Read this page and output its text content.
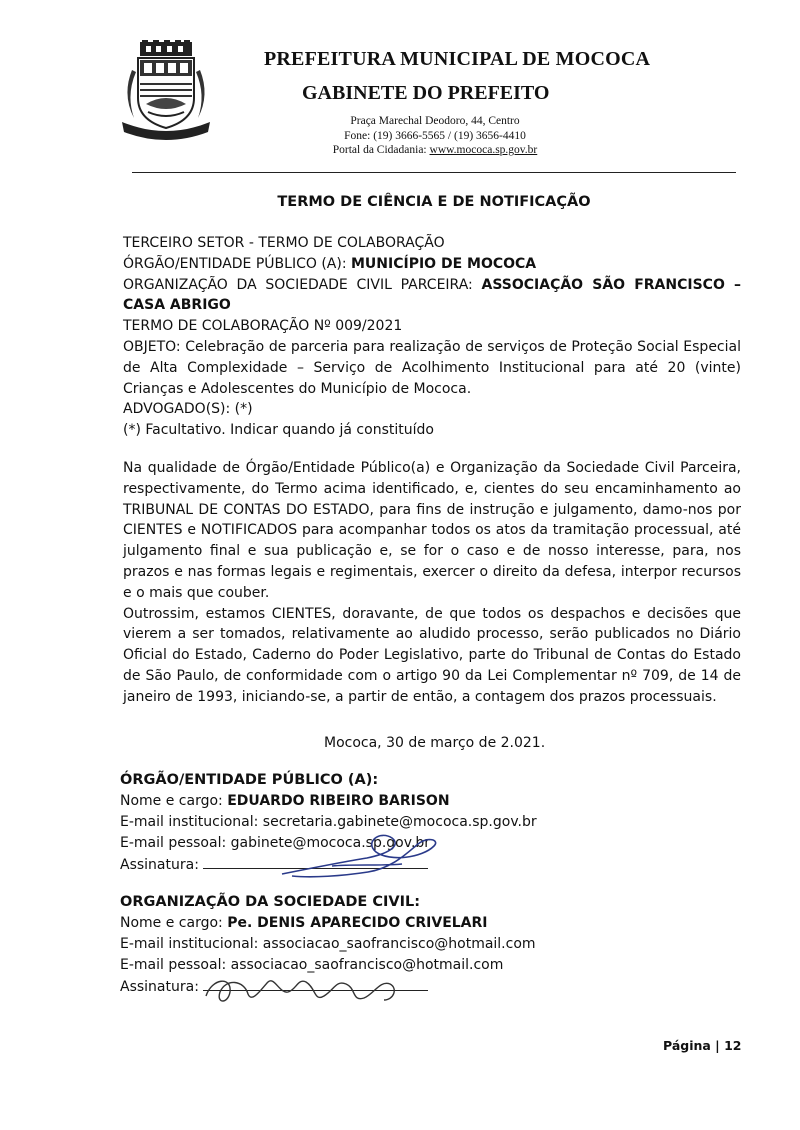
PREFEITURA MUNICIPAL DE MOCOCA
GABINETE DO PREFEITO
Praça Marechal Deodoro, 44, Centro
Fone: (19) 3666-5565 / (19) 3656-4410
Portal da Cidadania: www.mococa.sp.gov.br
TERMO DE CIÊNCIA E DE NOTIFICAÇÃO

TERCEIRO SETOR - TERMO DE COLABORAÇÃO

ÓRGÃO/ENTIDADE PÚBLICO (A): MUNICÍPIO DE MOCOCA

ORGANIZAÇÃO DA SOCIEDADE CIVIL PARCEIRA: ASSOCIAÇÃO SÃO FRANCISCO – CASA ABRIGO

TERMO DE COLABORAÇÃO Nº 009/2021

OBJETO: Celebração de parceria para realização de serviços de Proteção Social Especial de Alta Complexidade – Serviço de Acolhimento Institucional para até 20 (vinte) Crianças e Adolescentes do Município de Mococa.

ADVOGADO(S): (*)

(*) Facultativo. Indicar quando já constituído

Na qualidade de Órgão/Entidade Público(a) e Organização da Sociedade Civil Parceira, respectivamente, do Termo acima identificado, e, cientes do seu encaminhamento ao TRIBUNAL DE CONTAS DO ESTADO, para fins de instrução e julgamento, damo-nos por CIENTES e NOTIFICADOS para acompanhar todos os atos da tramitação processual, até julgamento final e sua publicação e, se for o caso e de nosso interesse, para, nos prazos e nas formas legais e regimentais, exercer o direito da defesa, interpor recursos e o mais que couber.

Outrossim, estamos CIENTES, doravante, de que todos os despachos e decisões que vierem a ser tomados, relativamente ao aludido processo, serão publicados no Diário Oficial do Estado, Caderno do Poder Legislativo, parte do Tribunal de Contas do Estado de São Paulo, de conformidade com o artigo 90 da Lei Complementar nº 709, de 14 de janeiro de 1993, iniciando-se, a partir de então, a contagem dos prazos processuais.

Mococa, 30 de março de 2.021.
ÓRGÃO/ENTIDADE PÚBLICO (A):
Nome e cargo: EDUARDO RIBEIRO BARISON
E-mail institucional: secretaria.gabinete@mococa.sp.gov.br
E-mail pessoal: gabinete@mococa.sp.gov.br
Assinatura:
ORGANIZAÇÃO DA SOCIEDADE CIVIL:
Nome e cargo: Pe. DENIS APARECIDO CRIVELARI
E-mail institucional: associacao_saofrancisco@hotmail.com
E-mail pessoal: associacao_saofrancisco@hotmail.com
Assinatura:
Página | 12
